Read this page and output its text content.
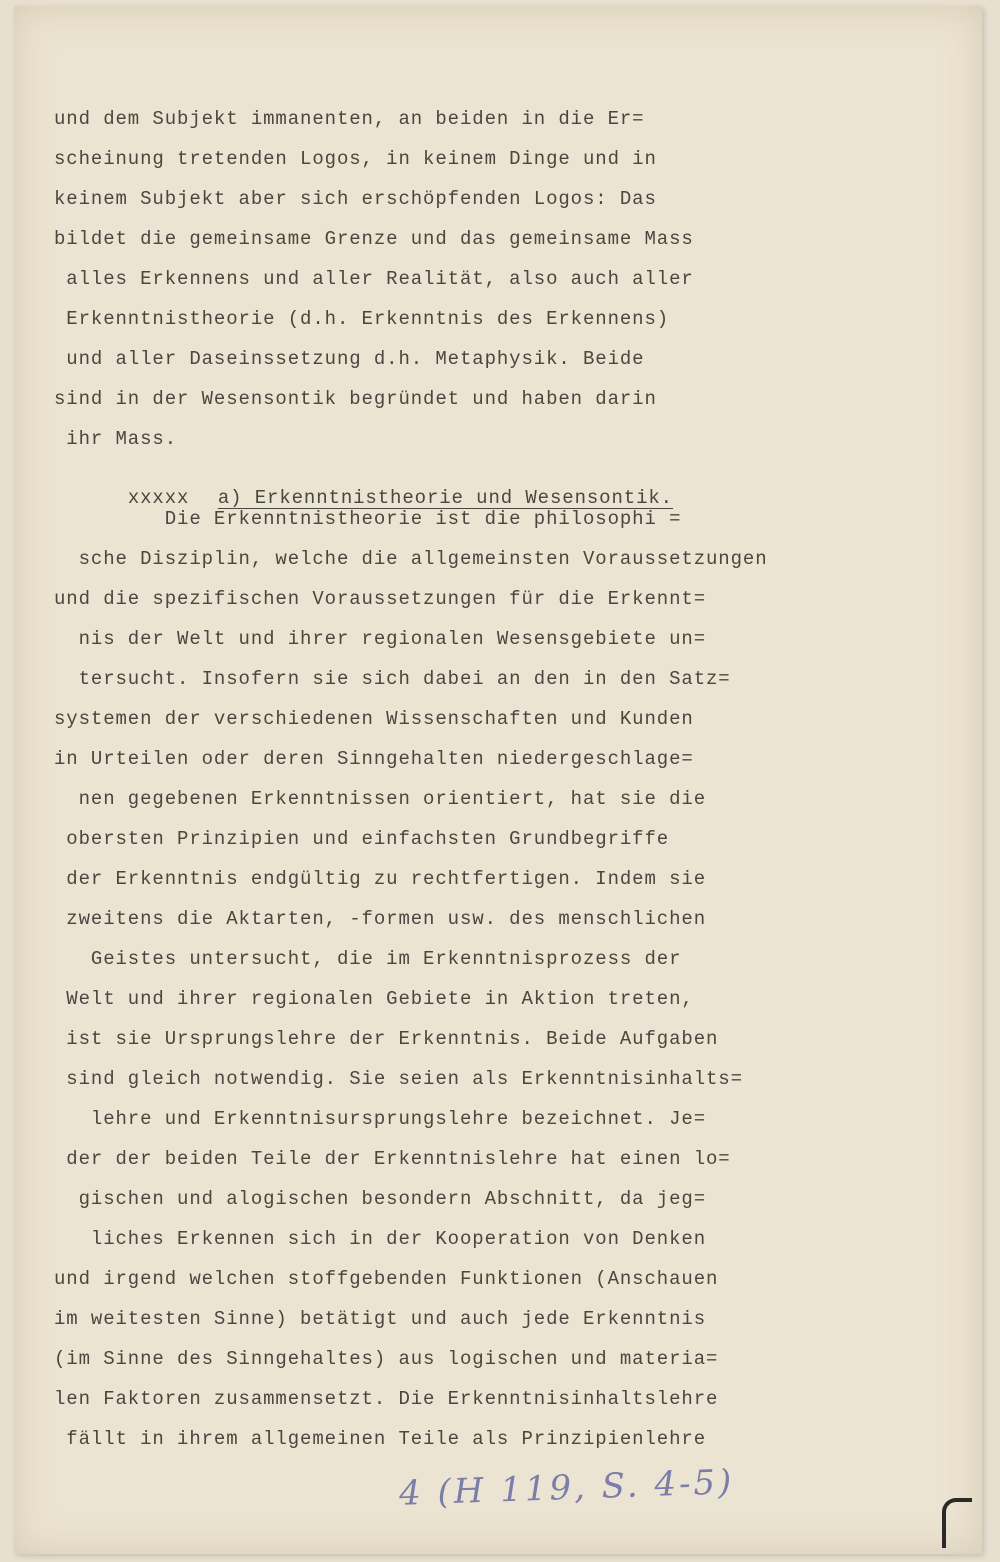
und dem Subjekt immanenten, an beiden in die Er=
scheinung tretenden Logos, in keinem Dinge und in
keinem Subjekt aber sich erschöpfenden Logos: Das
bildet die gemeinsame Grenze und das gemeinsame Mass
alles Erkennens und aller Realität, also auch aller
Erkenntnistheorie (d.h. Erkenntnis des Erkennens)
und aller Daseinssetzung d.h. Metaphysik. Beide
sind in der Wesensontik begründet und haben darin
ihr Mass.

xxxxx a) Erkenntnistheorie und Wesensontik.

Die Erkenntnistheorie ist die philosophi =
sche Disziplin, welche die allgemeinsten Voraussetzungen
und die spezifischen Voraussetzungen für die Erkennt=
nis der Welt und ihrer regionalen Wesensgebiete un=
tersucht. Insofern sie sich dabei an den in den Satz=
systemen der verschiedenen Wissenschaften und Kunden
in Urteilen oder deren Sinngehalten niedergeschlage=
nen gegebenen Erkenntnissen orientiert, hat sie die
obersten Prinzipien und einfachsten Grundbegriffe
der Erkenntnis endgültig zu rechtfertigen. Indem sie
zweitens die Aktarten, -formen usw. des menschlichen
Geistes untersucht, die im Erkenntnisprozess der
Welt und ihrer regionalen Gebiete in Aktion treten,
ist sie Ursprungslehre der Erkenntnis. Beide Aufgaben
sind gleich notwendig. Sie seien als Erkenntnisinhalts=
lehre und Erkenntnisursprungslehre bezeichnet. Je=
der der beiden Teile der Erkenntnislehre hat einen lo=
gischen und alogischen besondern Abschnitt, da jeg=
liches Erkennen sich in der Kooperation von Denken
und irgend welchen stoffgebenden Funktionen (Anschauen
im weitesten Sinne) betätigt und auch jede Erkenntnis
(im Sinne des Sinngehaltes) aus logischen und materia=
len Faktoren zusammensetzt. Die Erkenntnisinhaltslehre
fällt in ihrem allgemeinen Teile als Prinzipienlehre
4 (H 119, S. 4-5)
